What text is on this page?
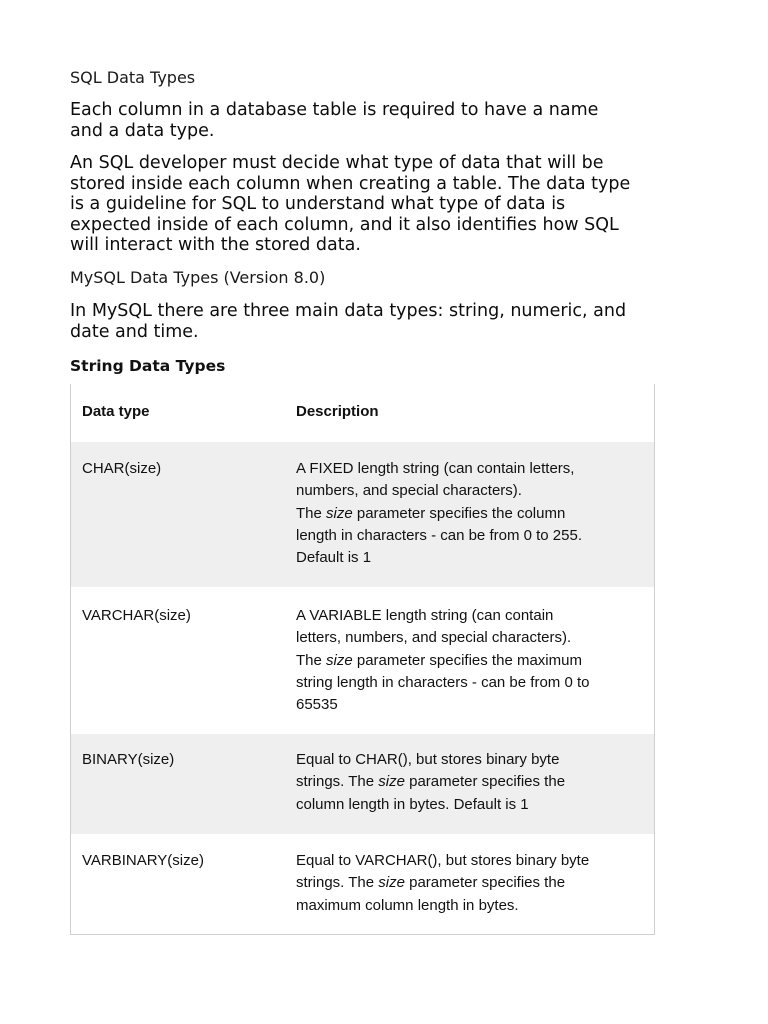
SQL Data Types
Each column in a database table is required to have a name
and a data type.
An SQL developer must decide what type of data that will be
stored inside each column when creating a table. The data type
is a guideline for SQL to understand what type of data is
expected inside of each column, and it also identifies how SQL
will interact with the stored data.
MySQL Data Types (Version 8.0)
In MySQL there are three main data types: string, numeric, and
date and time.
String Data Types
Data type	Description
CHAR(size)	A FIXED length string (can contain letters,
numbers, and special characters).
The size parameter specifies the column
length in characters - can be from 0 to 255.
Default is 1
VARCHAR(size)	A VARIABLE length string (can contain
letters, numbers, and special characters).
The size parameter specifies the maximum
string length in characters - can be from 0 to
65535
BINARY(size)	Equal to CHAR(), but stores binary byte
strings. The size parameter specifies the
column length in bytes. Default is 1
VARBINARY(size)	Equal to VARCHAR(), but stores binary byte
strings. The size parameter specifies the
maximum column length in bytes.
